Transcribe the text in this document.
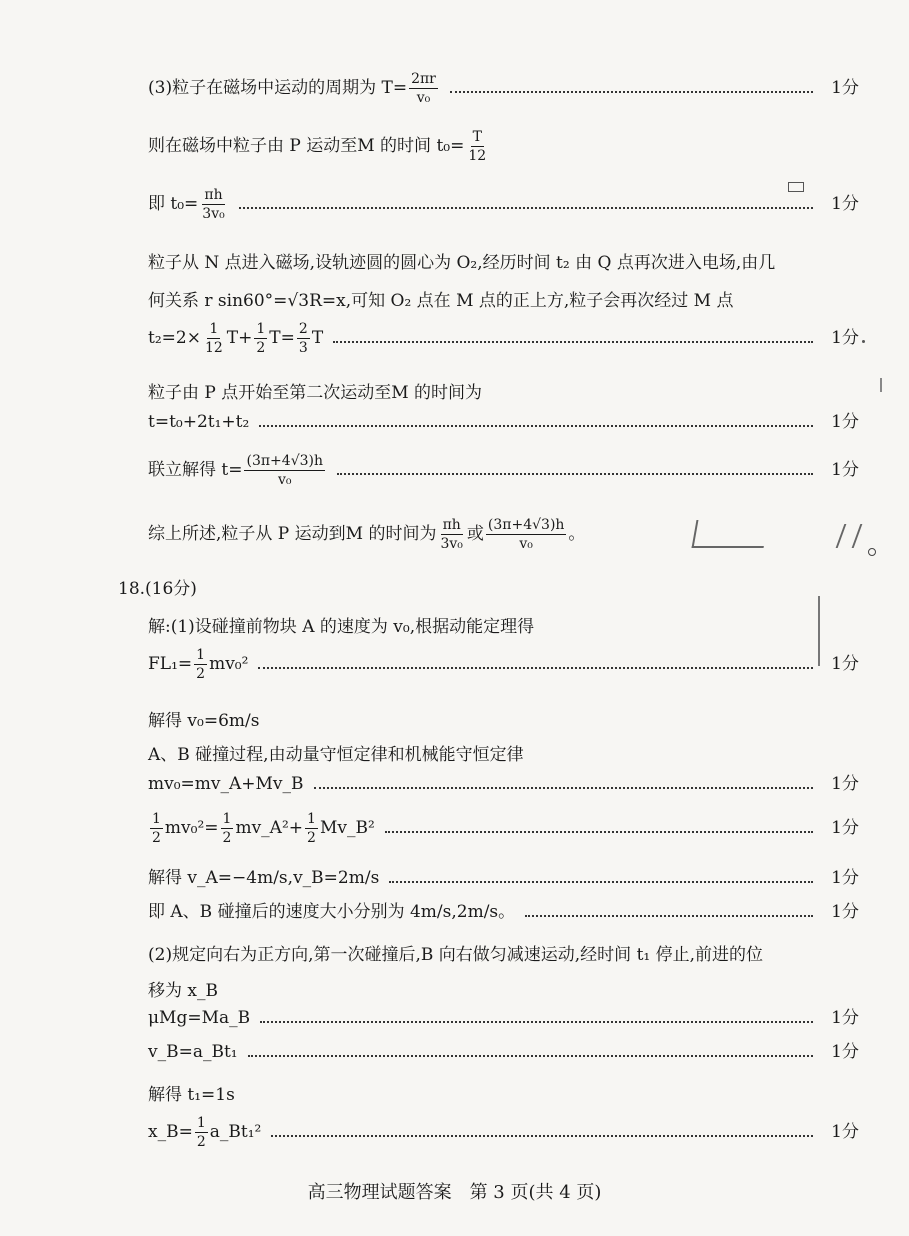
(3)粒子在磁场中运动的周期为 $T= \frac{2\pi r}{\text{v₀}}$	1分
则在磁场中粒子由 P 运动至M 的时间 $t_0= \frac{T}{12}$
即 $t_0= \frac{\pi h}{\text{3v₀}}$	1分
粒子从 N 点进入磁场,设轨迹圆的圆心为 O₂,经历时间 t₂ 由 Q 点再次进入电场,由几
何关系 r sin60°=√3R=x,可知 O₂ 点在 M 点的正上方,粒子会再次经过 M 点
$t_2=2\times \frac{1}{12} T+ \frac{1}{2} T= \frac{2}{3}$ T	1分
粒子由 P 点开始至第二次运动至M 的时间为
t=t₀+2t₁+t₂	1分
联立解得 $t= \frac{(3\pi+4√3)h}{\text{v₀}}$	1分
综上所述,粒子从 P 运动到M 的时间为 $\frac{\pi h}{\text{3v₀}}$ 或 $\frac{(3\pi+4√3)h}{\text{v₀}}$ 。
18.(16分)
解:(1)设碰撞前物块 A 的速度为 v₀,根据动能定理得
$FL_1= \frac{1}{2} mv_0^2$	1分
解得 v₀=6m/s
A、B 碰撞过程,由动量守恒定律和机械能守恒定律
mv₀=mv_A+Mv_B	1分
$\frac{1}{2} mv_0^2= \frac{1}{2}$ mv_A²+ $\frac{1}{2}$ Mv_B²	1分
解得 v_A=−4m/s,v_B=2m/s	1分
即 A、B 碰撞后的速度大小分别为 4m/s,2m/s。	1分
(2)规定向右为正方向,第一次碰撞后,B 向右做匀减速运动,经时间 t₁ 停止,前进的位
移为 x_B
μMg=Ma_B	1分
v_B=a_Bt₁	1分
解得 t₁=1s
x_B= $\frac{1}{2}$ a_Bt₁²	1分
高三物理试题答案　第 3 页(共 4 页)
